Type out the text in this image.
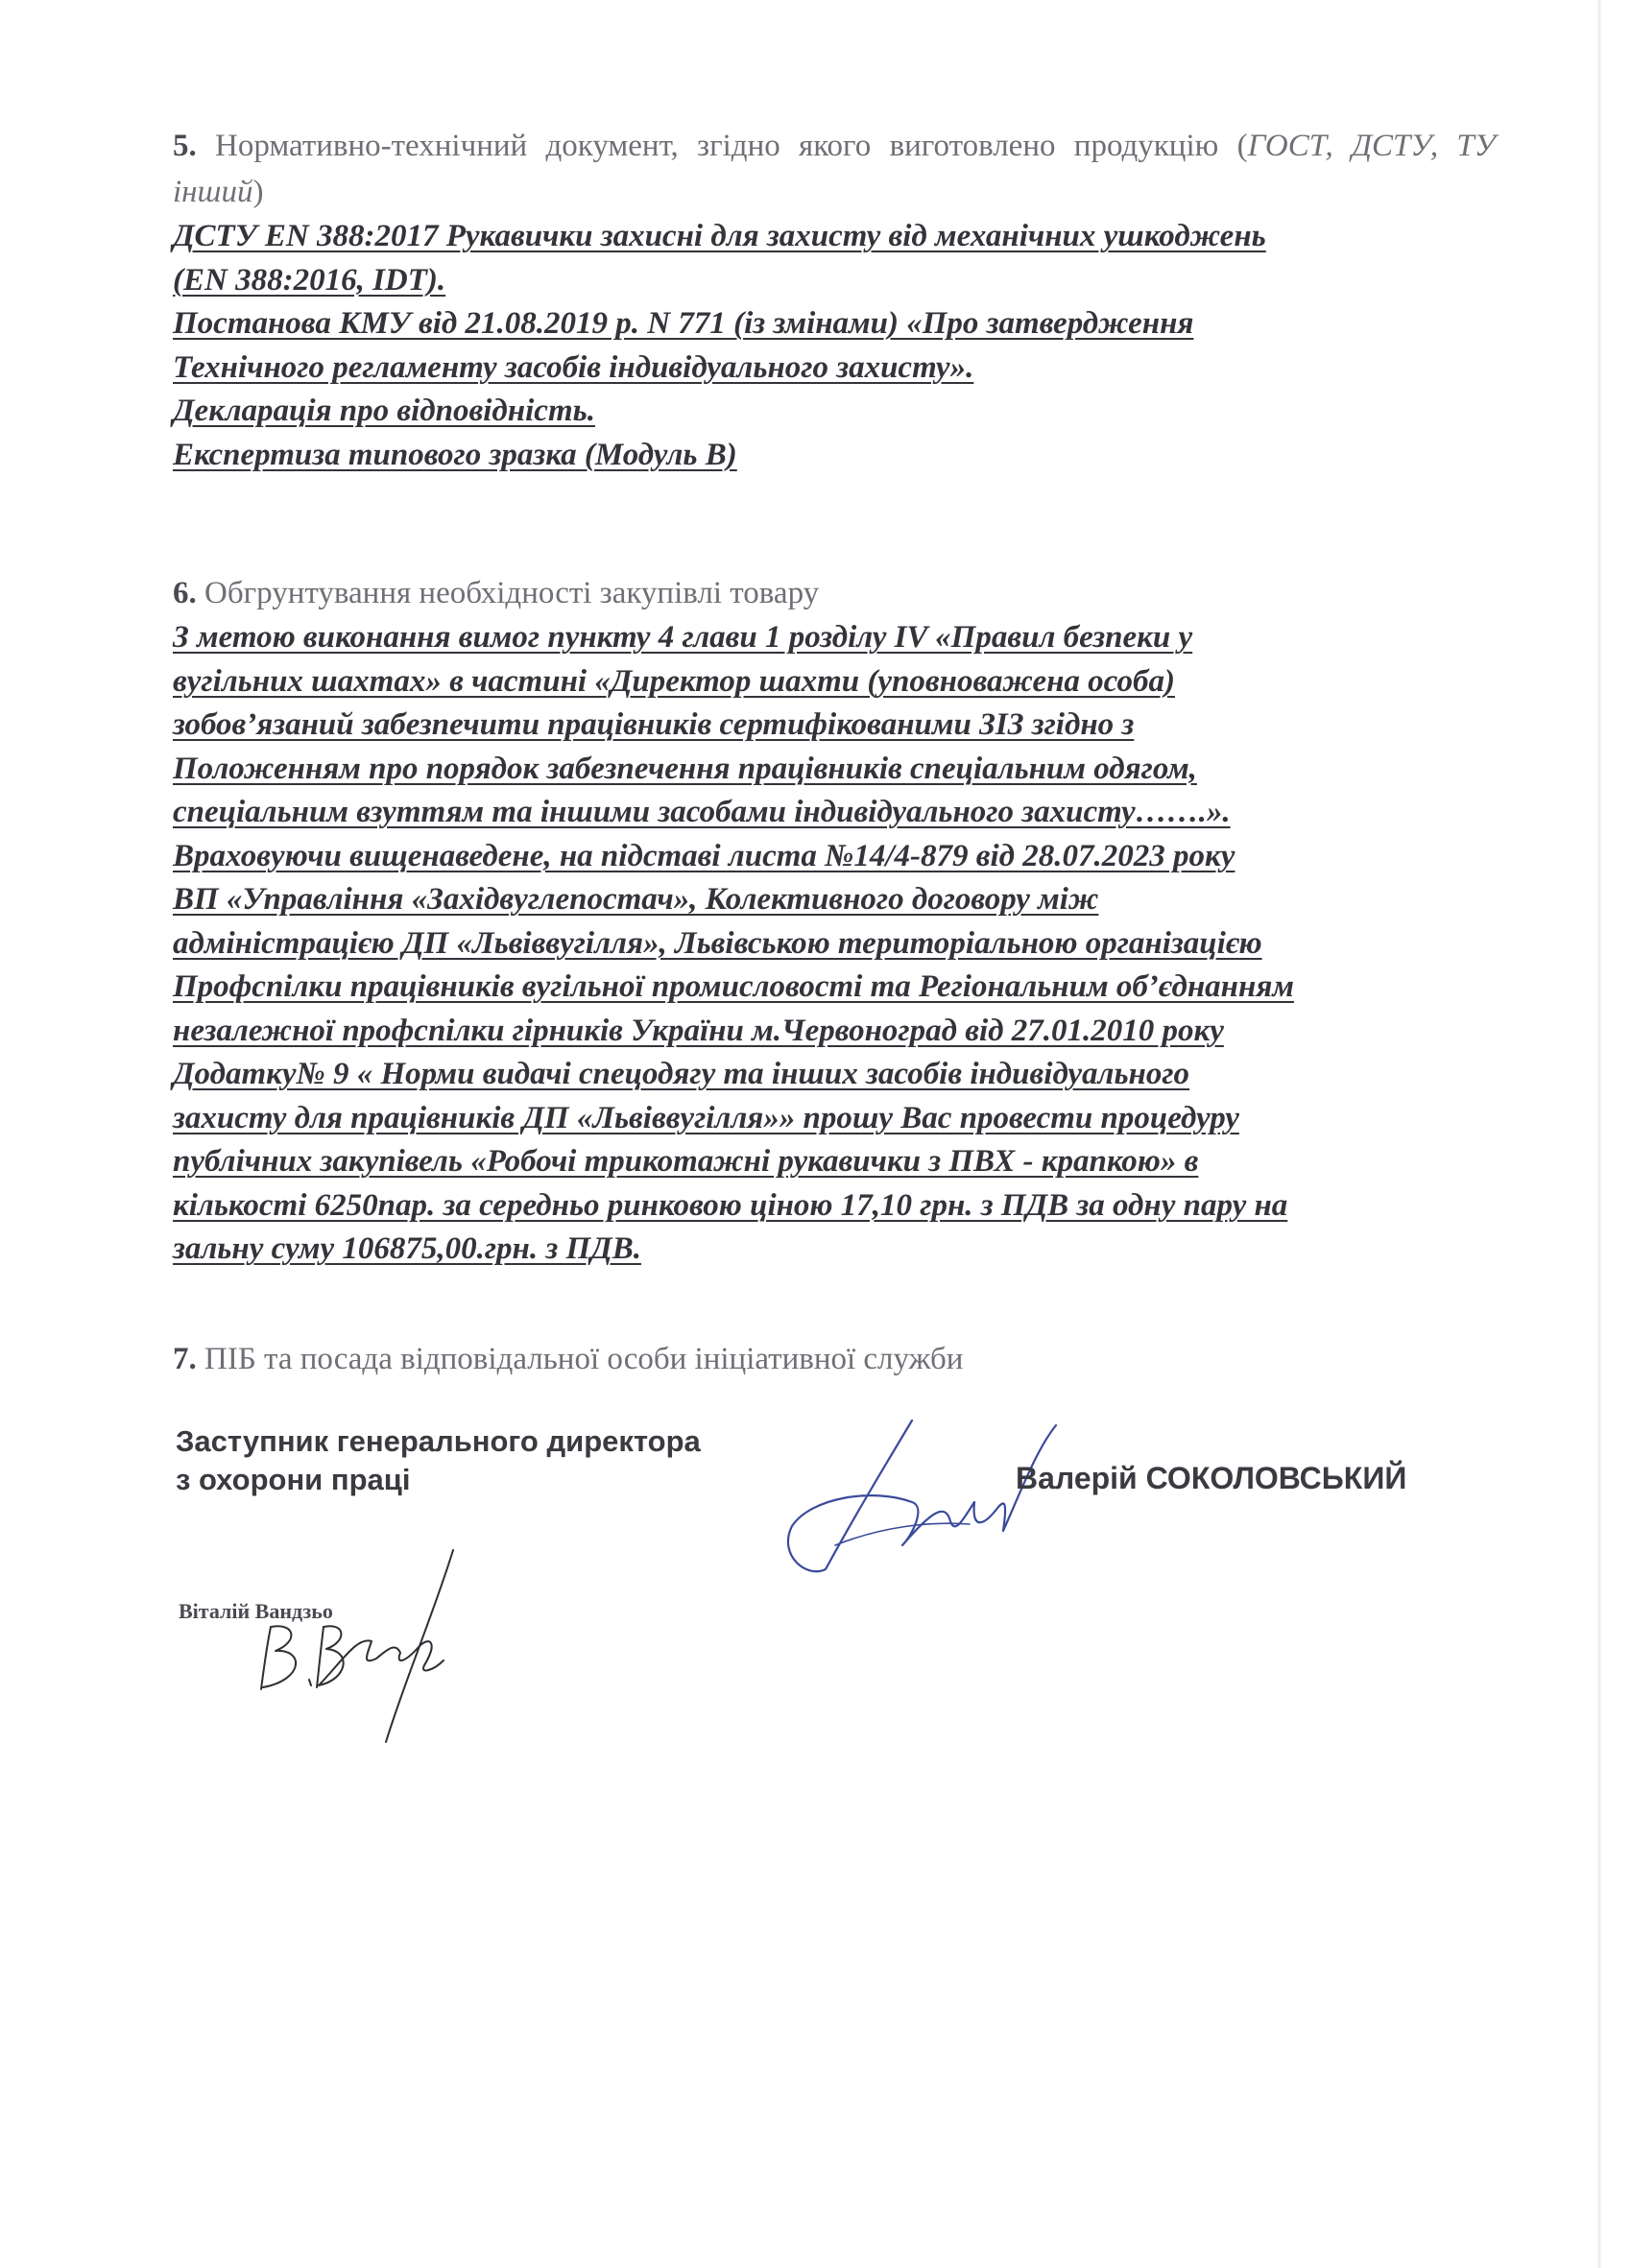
5. Нормативно-технічний документ, згідно якого виготовлено продукцію (ГОСТ, ДСТУ, ТУ інший)
ДСТУ EN 388:2017 Рукавички захисні для захисту від механічних ушкоджень
(EN 388:2016, IDT).
Постанова КМУ від 21.08.2019 р. N 771 (із змінами) «Про затвердження
Технічного регламенту засобів індивідуального захисту».
Декларація про відповідність.
Експертиза типового зразка (Модуль В)
6. Обгрунтування необхідності закупівлі товару
З метою виконання вимог пункту 4 глави 1 розділу IV «Правил безпеки у
вугільних шахтах» в частині «Директор шахти (уповноважена особа)
зобов’язаний забезпечити працівників сертифікованими ЗІЗ згідно з
Положенням про порядок забезпечення працівників спеціальним одягом,
спеціальним взуттям та іншими засобами індивідуального захисту…….».
Враховуючи вищенаведене, на підставі листа №14/4-879 від 28.07.2023 року
ВП «Управління «Західвуглепостач», Колективного договору між
адміністрацією ДП «Львіввугілля», Львівською територіальною організацією
Профспілки працівників вугільної промисловості та Регіональним об’єднанням
незалежної профспілки гірників України м.Червоноград від 27.01.2010 року
Додатку№ 9 « Норми видачі спецодягу та інших засобів індивідуального
захисту для працівників ДП «Львіввугілля»» прошу Вас провести процедуру
публічних закупівель «Робочі трикотажні рукавички з ПВХ - крапкою» в
кількості 6250пар. за середньо ринковою ціною 17,10 грн. з ПДВ за одну пару на
зальну суму 106875,00.грн. з ПДВ.
7. ПІБ та посада відповідальної особи ініціативної служби
Заступник генерального директора
з охорони праці	Валерій СОКОЛОВСЬКИЙ
Віталій Вандзьо
